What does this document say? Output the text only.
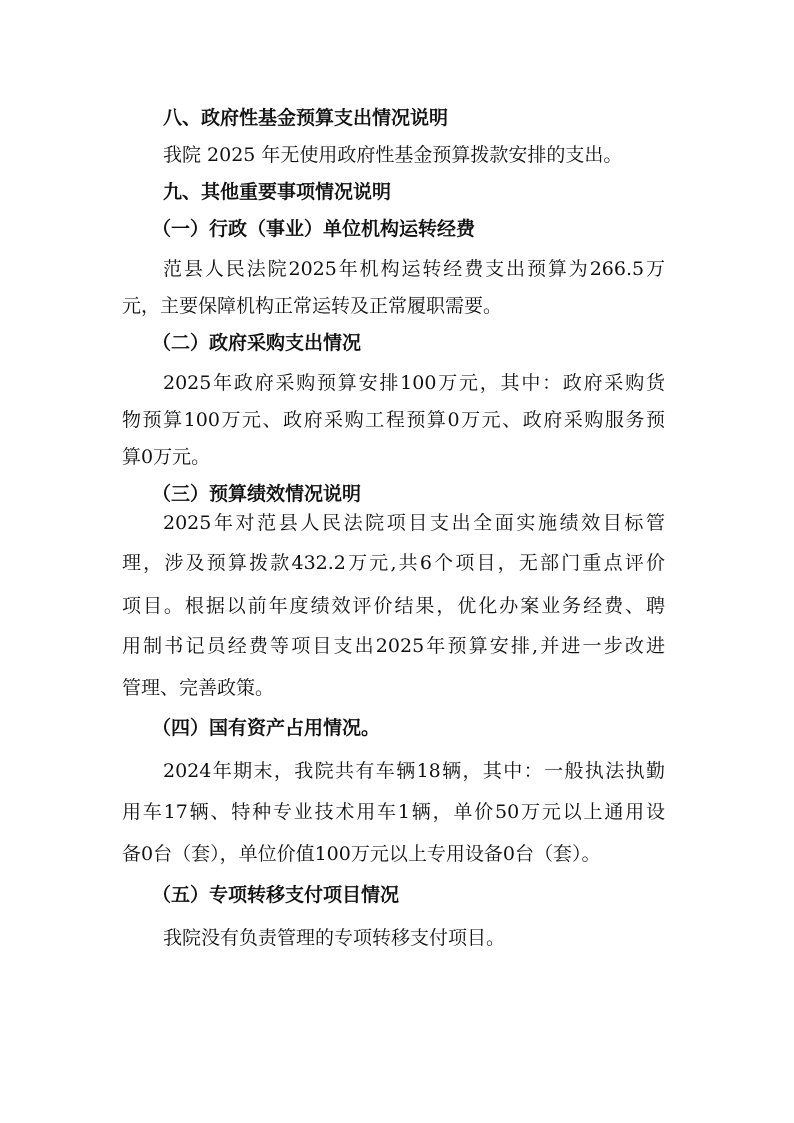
八、政府性基金预算支出情况说明
我院 2025 年无使用政府性基金预算拨款安排的支出。
九、其他重要事项情况说明
（一）行政（事业）单位机构运转经费
范县人民法院2025年机构运转经费支出预算为266.5万
元，主要保障机构正常运转及正常履职需要。
（二）政府采购支出情况
2025年政府采购预算安排100万元，其中：政府采购货
物预算100万元、政府采购工程预算0万元、政府采购服务预
算0万元。
（三）预算绩效情况说明
2025年对范县人民法院项目支出全面实施绩效目标管
理，涉及预算拨款432.2万元,共6个项目，无部门重点评价
项目。根据以前年度绩效评价结果，优化办案业务经费、聘
用制书记员经费等项目支出2025年预算安排,并进一步改进
管理、完善政策。
（四）国有资产占用情况。
2024年期末，我院共有车辆18辆，其中：一般执法执勤
用车17辆、特种专业技术用车1辆，单价50万元以上通用设
备0台（套），单位价值100万元以上专用设备0台（套）。
（五）专项转移支付项目情况
我院没有负责管理的专项转移支付项目。
